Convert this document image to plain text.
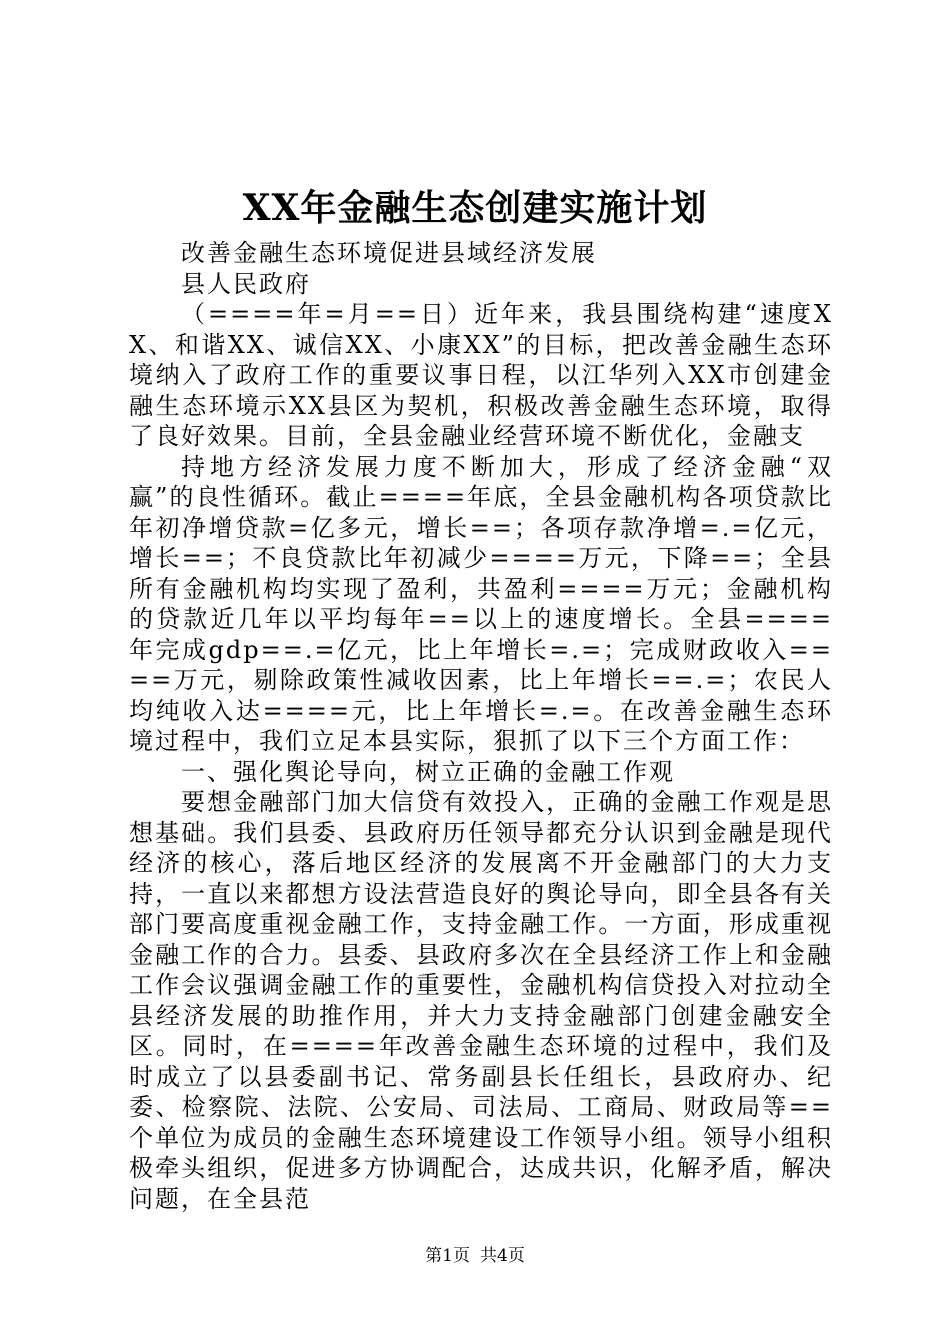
XX年金融生态创建实施计划

改善金融生态环境促进县域经济发展

县人民政府

（====年=月==日）近年来，我县围绕构建“速度XX、和谐XX、诚信XX、小康XX”的目标，把改善金融生态环境纳入了政府工作的重要议事日程，以江华列入XX市创建金融生态环境示XX县区为契机，积极改善金融生态环境，取得了良好效果。目前，全县金融业经营环境不断优化，金融支

持地方经济发展力度不断加大，形成了经济金融“双赢”的良性循环。截止====年底，全县金融机构各项贷款比年初净增贷款=亿多元，增长==；各项存款净增=.=亿元，增长==；不良贷款比年初减少====万元，下降==；全县所有金融机构均实现了盈利，共盈利====万元；金融机构的贷款近几年以平均每年==以上的速度增长。全县====年完成gdp==.=亿元，比上年增长=.=；完成财政收入====万元，剔除政策性减收因素，比上年增长==.=；农民人均纯收入达====元，比上年增长=.=。在改善金融生态环境过程中，我们立足本县实际，狠抓了以下三个方面工作：

一、强化舆论导向，树立正确的金融工作观

要想金融部门加大信贷有效投入，正确的金融工作观是思想基础。我们县委、县政府历任领导都充分认识到金融是现代经济的核心，落后地区经济的发展离不开金融部门的大力支持，一直以来都想方设法营造良好的舆论导向，即全县各有关部门要高度重视金融工作，支持金融工作。一方面，形成重视金融工作的合力。县委、县政府多次在全县经济工作上和金融工作会议强调金融工作的重要性，金融机构信贷投入对拉动全县经济发展的助推作用，并大力支持金融部门创建金融安全区。同时，在====年改善金融生态环境的过程中，我们及时成立了以县委副书记、常务副县长任组长，县政府办、纪委、检察院、法院、公安局、司法局、工商局、财政局等==个单位为成员的金融生态环境建设工作领导小组。领导小组积极牵头组织，促进多方协调配合，达成共识，化解矛盾，解决问题，在全县范

第1页 共4页
